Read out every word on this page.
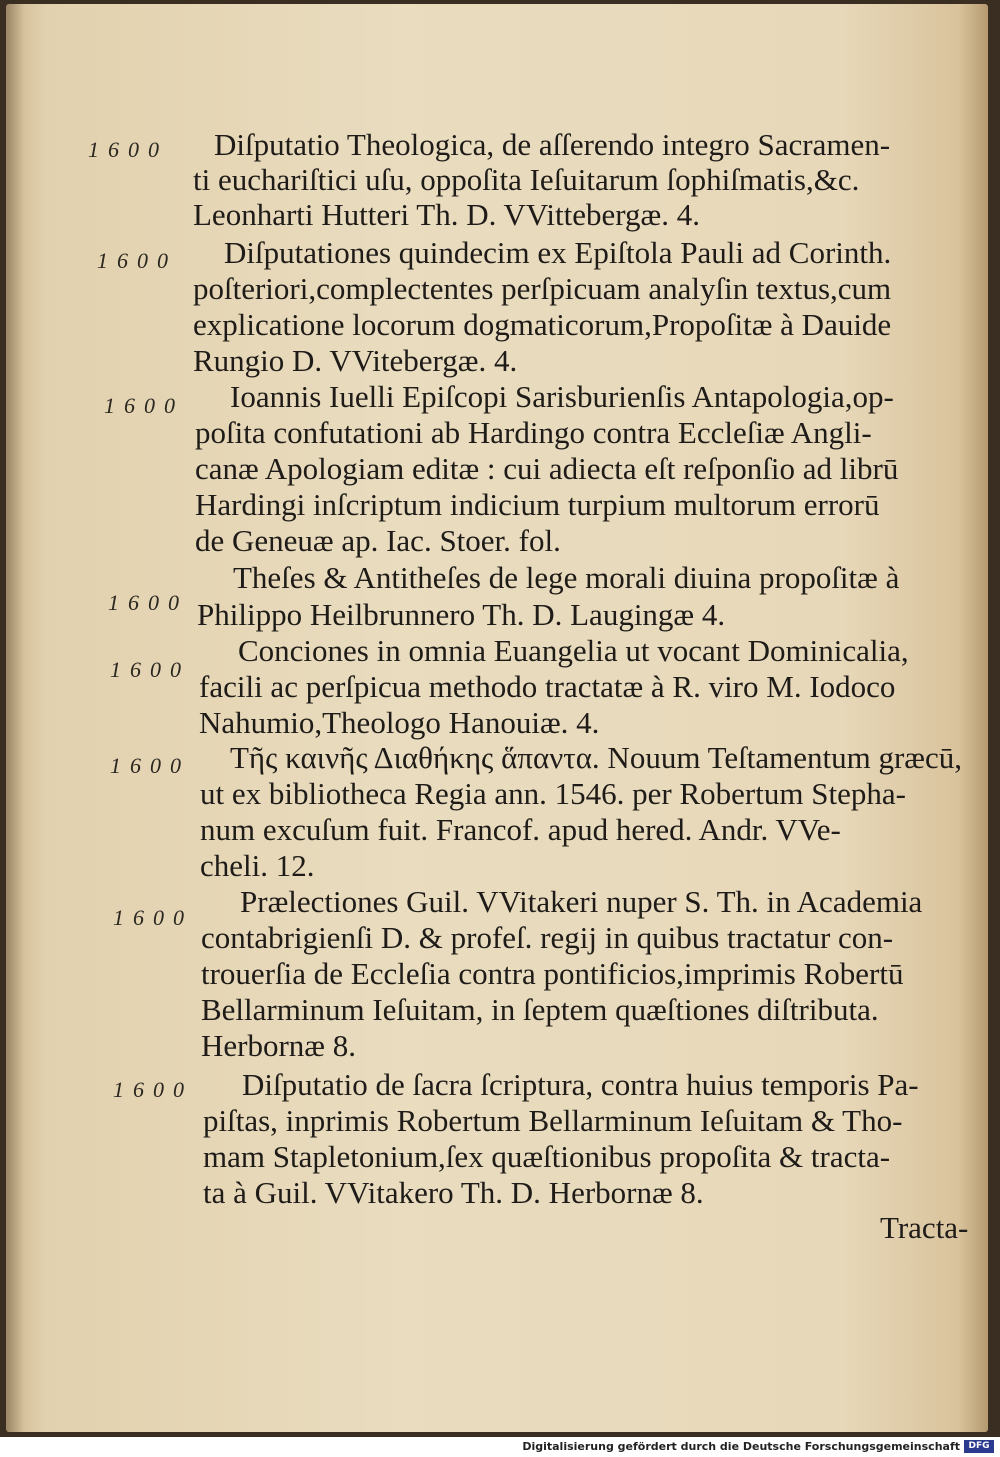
1600 Diſputatio Theologica, de aſſerendo integro Sacramen-
ti euchariſtici uſu, oppoſita Ieſuitarum ſophiſmatis,&c.
Leonharti Hutteri Th. D. VVittebergæ. 4.
1600 Diſputationes quindecim ex Epiſtola Pauli ad Corinth.
poſteriori,complectentes perſpicuam analyſin textus,cum
explicatione locorum dogmaticorum,Propoſitæ à Dauide
Rungio D. VVitebergæ. 4.
1600 Ioannis Iuelli Epiſcopi Sarisburienſis Antapologia,op-
poſita confutationi ab Hardingo contra Eccleſiæ Angli-
canæ Apologiam editæ : cui adiecta eſt reſponſio ad librū
Hardingi inſcriptum indicium turpium multorum errorū
de Geneuæ ap. Iac. Stoer. fol.
1600
Theſes & Antitheſes de lege morali diuina propoſitæ à
Philippo Heilbrunnero Th. D. Laugingæ 4.
1600
Conciones in omnia Euangelia ut vocant Dominicalia,
facili ac perſpicua methodo tractatæ à R. viro M. Iodoco
Nahumio,Theologo Hanouiæ. 4.
1600 Τῆς καινῆς Διαθήκης ἅπαντα. Nouum Teſtamentum græcū,
ut ex bibliotheca Regia ann. 1546. per Robertum Stepha-
num excuſum fuit. Francof. apud hered. Andr. VVe-
cheli. 12.
1600 Prælectiones Guil. VVitakeri nuper S. Th. in Academia
contabrigienſi D. & profeſ. regij in quibus tractatur con-
trouerſia de Eccleſia contra pontificios,imprimis Robertū
Bellarminum Ieſuitam, in ſeptem quæſtiones diſtributa.
Herbornæ 8.
1600 Diſputatio de ſacra ſcriptura, contra huius temporis Pa-
piſtas, inprimis Robertum Bellarminum Ieſuitam & Tho-
mam Stapletonium,ſex quæſtionibus propoſita & tracta-
ta à Guil. VVitakero Th. D. Herbornæ 8.
Tracta-
Digitalisierung gefördert durch die Deutsche Forschungsgemeinschaft DFG
